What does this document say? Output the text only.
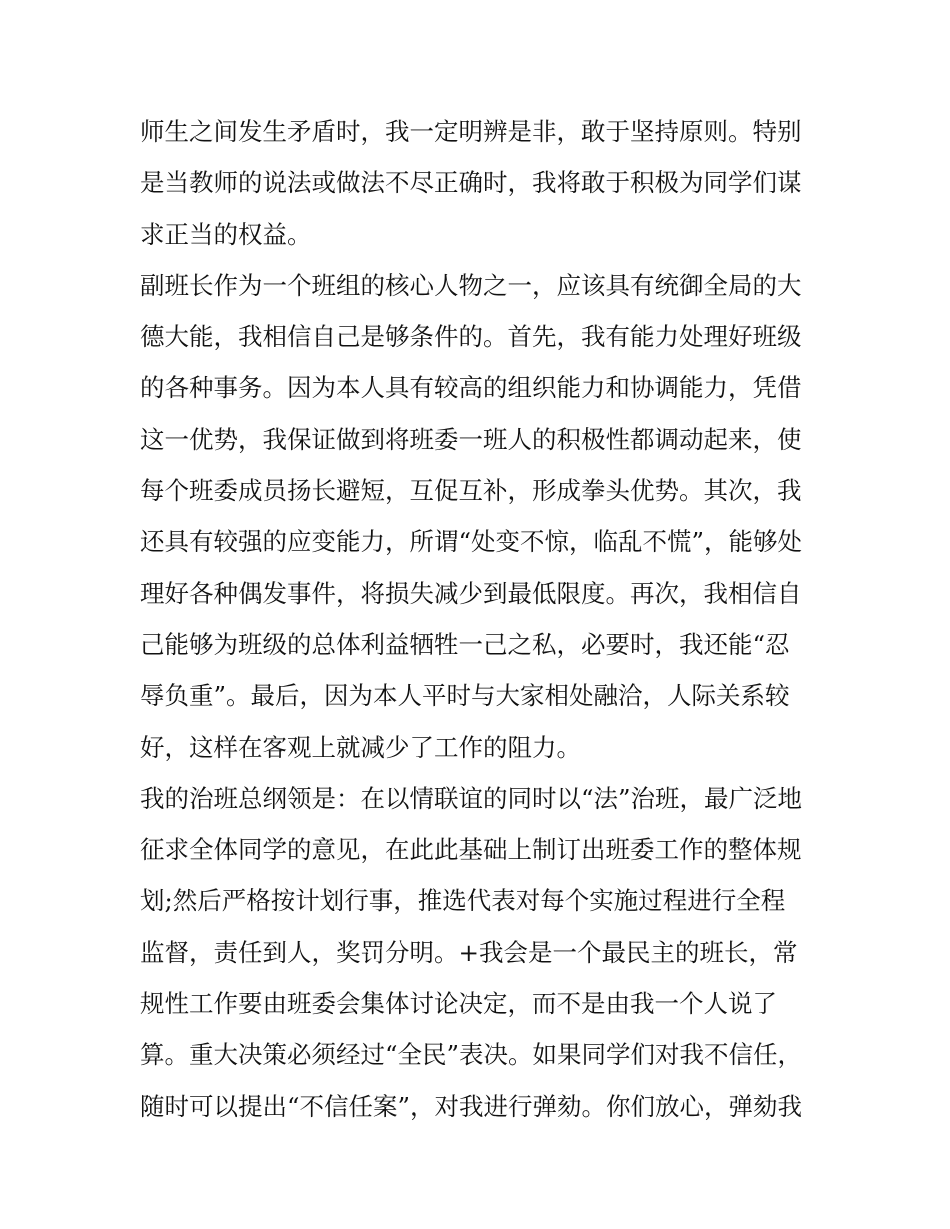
师生之间发生矛盾时，我一定明辨是非，敢于坚持原则。特别
是当教师的说法或做法不尽正确时，我将敢于积极为同学们谋
求正当的权益。
副班长作为一个班组的核心人物之一，应该具有统御全局的大
德大能，我相信自己是够条件的。首先，我有能力处理好班级
的各种事务。因为本人具有较高的组织能力和协调能力，凭借
这一优势，我保证做到将班委一班人的积极性都调动起来，使
每个班委成员扬长避短，互促互补，形成拳头优势。其次，我
还具有较强的应变能力，所谓“处变不惊，临乱不慌”，能够处
理好各种偶发事件，将损失减少到最低限度。再次，我相信自
己能够为班级的总体利益牺牲一己之私，必要时，我还能“忍
辱负重”。最后，因为本人平时与大家相处融洽，人际关系较
好，这样在客观上就减少了工作的阻力。
我的治班总纲领是：在以情联谊的同时以“法”治班，最广泛地
征求全体同学的意见，在此此基础上制订出班委工作的整体规
划;然后严格按计划行事，推选代表对每个实施过程进行全程
监督，责任到人，奖罚分明。+我会是一个最民主的班长，常
规性工作要由班委会集体讨论决定，而不是由我一个人说了
算。重大决策必须经过“全民”表决。如果同学们对我不信任，
随时可以提出“不信任案”，对我进行弹劾。你们放心，弹劾我
